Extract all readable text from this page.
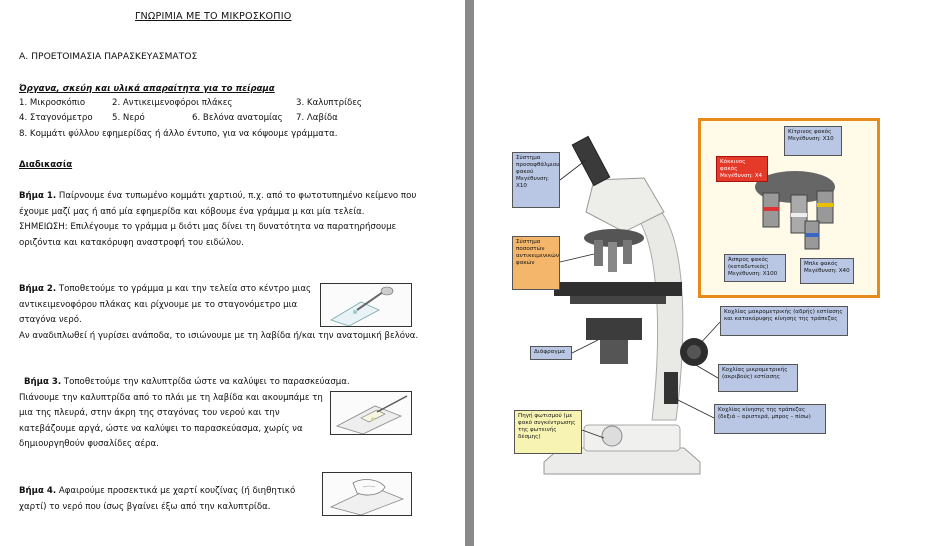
ΓΝΩΡΙΜΙΑ ΜΕ ΤΟ ΜΙΚΡΟΣΚΟΠΙΟ
Α. ΠΡΟΕΤΟΙΜΑΣΙΑ ΠΑΡΑΣΚΕΥΑΣΜΑΤΟΣ
Όργανα, σκεύη και υλικά απαραίτητα για το πείραμα
1. Μικροσκόπιο	2. Αντικειμενοφόροι πλάκες	3. Καλυπτρίδες
4. Σταγονόμετρο 5. Νερό	6. Βελόνα ανατομίας 7. Λαβίδα
8. Κομμάτι φύλλου εφημερίδας ή άλλο έντυπο, για να κόψουμε γράμματα.
Διαδικασία
Βήμα 1. Παίρνουμε ένα τυπωμένο κομμάτι χαρτιού, π.χ. από το φωτοτυπημένο κείμενο που
έχουμε μαζί μας ή από μία εφημερίδα και κόβουμε ένα γράμμα μ και μία τελεία.
ΣΗΜΕΙΩΣΗ: Επιλέγουμε το γράμμα μ διότι μας δίνει τη δυνατότητα να παρατηρήσουμε
οριζόντια και κατακόρυφη αναστροφή του ειδώλου.
Βήμα 2. Τοποθετούμε το γράμμα μ και την τελεία στο κέντρο μιας
αντικειμενοφόρου πλάκας και ρίχνουμε με το σταγονόμετρο μια
σταγόνα νερό.
Αν αναδιπλωθεί ή γυρίσει ανάποδα, το ισιώνουμε με τη λαβίδα ή/και την ανατομική βελόνα.
Βήμα 3. Τοποθετούμε την καλυπτρίδα ώστε να καλύψει το παρασκεύασμα.
Πιάνουμε την καλυπτρίδα από το πλάι με τη λαβίδα και ακουμπάμε τη
μια της πλευρά, στην άκρη της σταγόνας του νερού και την
κατεβάζουμε αργά, ώστε να καλύψει το παρασκεύασμα, χωρίς να
δημιουργηθούν φυσαλίδες αέρα.
Βήμα 4. Αφαιρούμε προσεκτικά με χαρτί κουζίνας (ή διηθητικό
χαρτί) το νερό που ίσως βγαίνει έξω από την καλυπτρίδα.
Σύστημα προσοφθάλμιου φακού Μεγέθυνση: Χ10
Σύστημα ποσοστών αντικειμενικών φακών
Κίτρινος φακός Μεγέθυνση: Χ10
Κόκκινος φακός Μεγέθυνση: Χ4
Άσπρος φακός (καταδυτικός) Μεγέθυνση: Χ100
Μπλε φακός Μεγέθυνση: Χ40
Κοχλίας μακρομετρικής (αδρής) εστίασης και κατακόρυφης κίνησης της τράπεζας
Διάφραγμα
Κοχλίας μικρομετρικής (ακριβούς) εστίασης
Κοχλίας κίνησης της τράπεζας (δεξιά – αριστερά, μπρος – πίσω)
Πηγή φωτισμού (με φακό συγκέντρωσης της φωτεινής δέσμης)
